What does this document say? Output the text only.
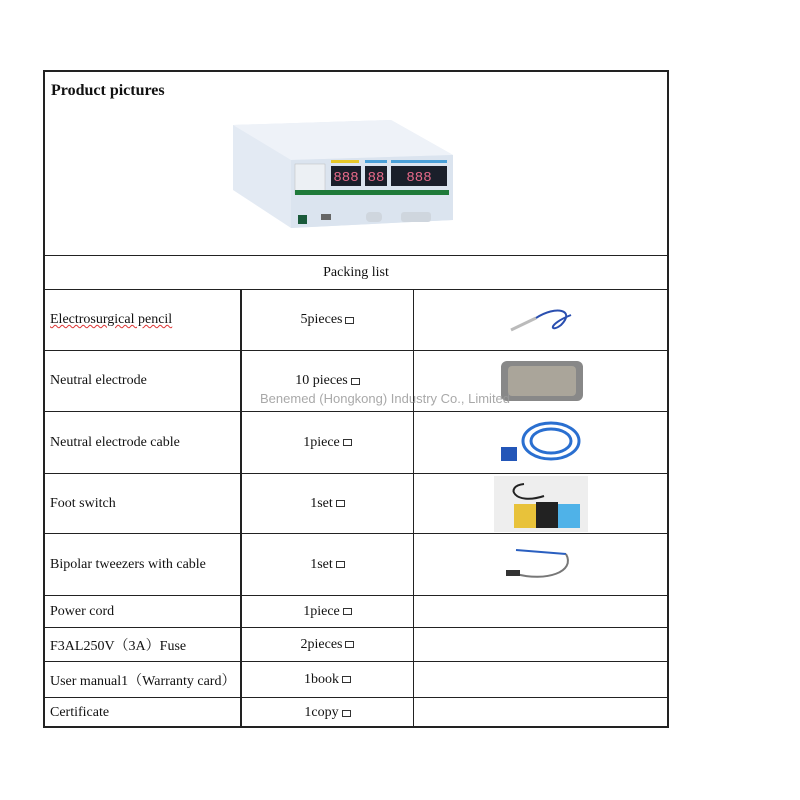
Product pictures
888 88 888
Packing list
Electrosurgical pencil	5pieces
Neutral electrode	10 pieces
Neutral electrode cable	1piece
Foot switch	1set
Bipolar tweezers with cable	1set
Power cord	1piece
F3AL250V（3A）Fuse	2pieces
User manual1（Warranty card）	1book
Certificate	1copy
Benemed (Hongkong) Industry Co., Limited
